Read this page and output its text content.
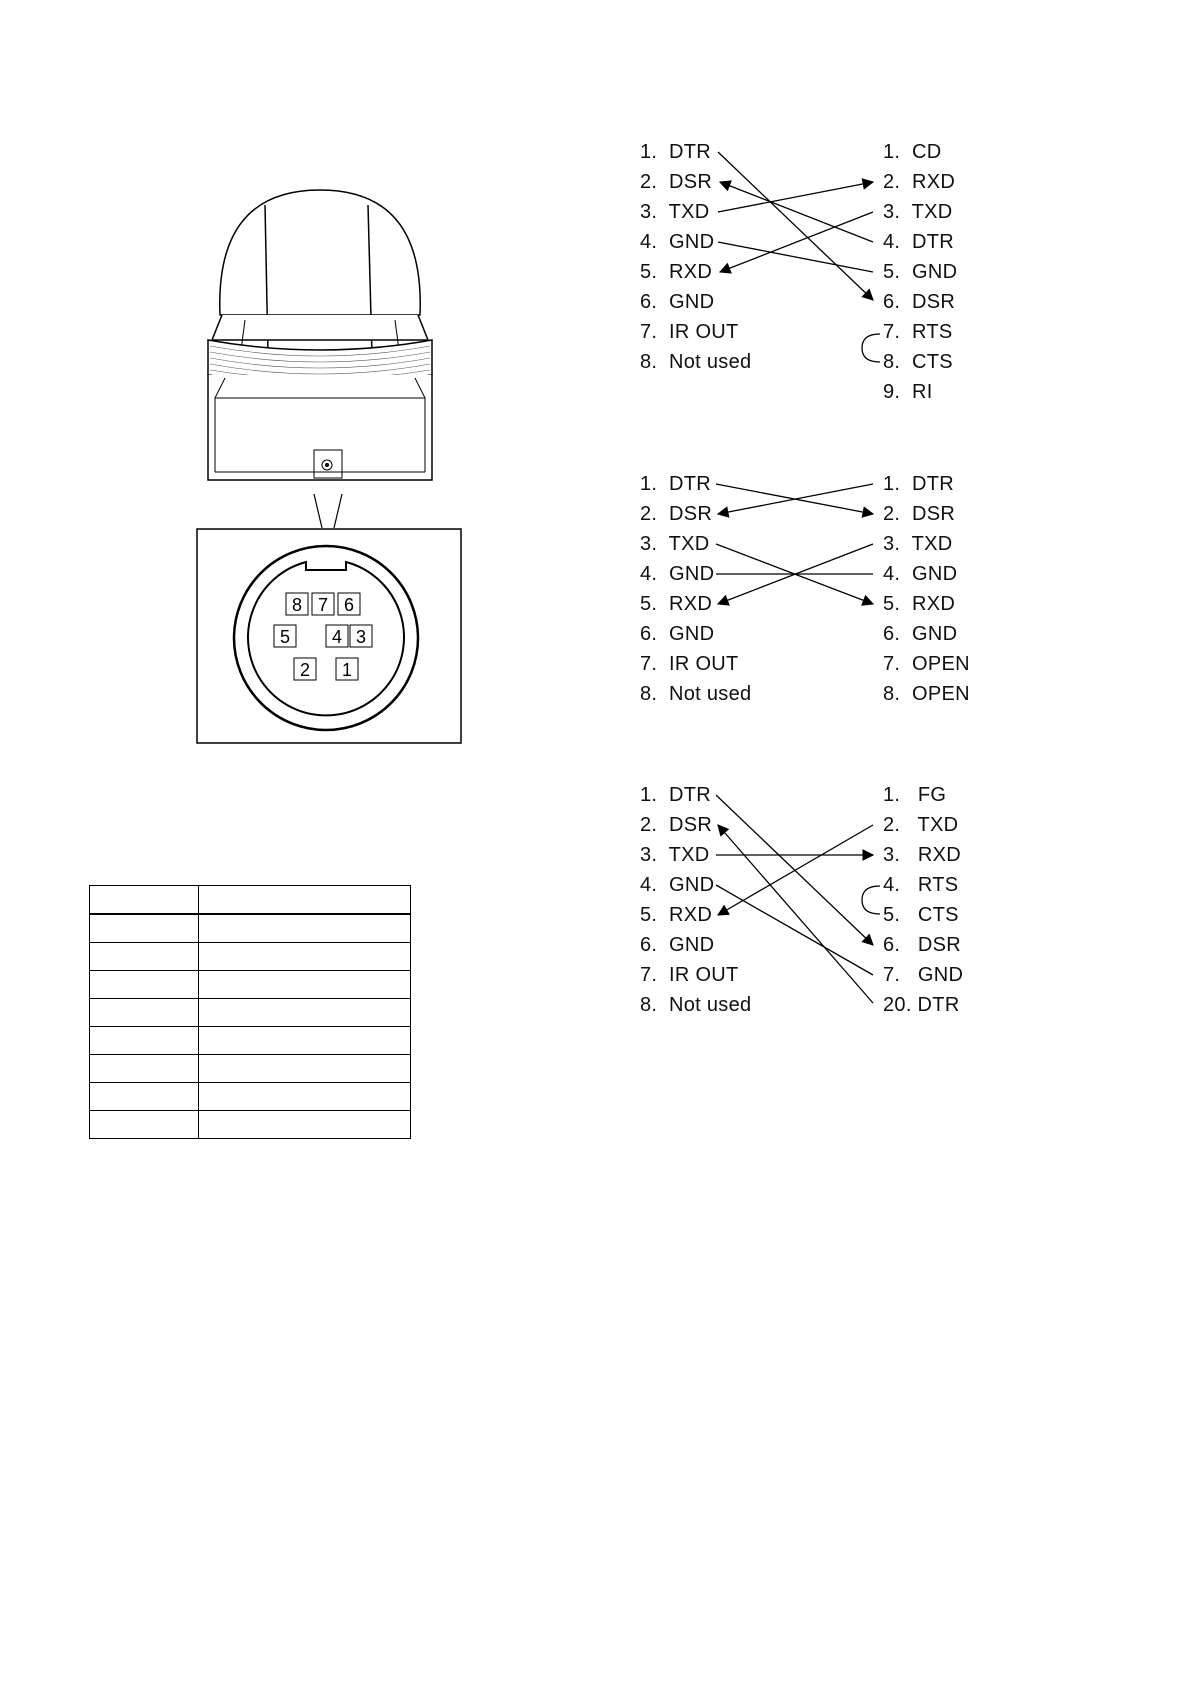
8 7 6
5 4 3
2 1

1.  DTR
2.  DSR
3.  TXD
4.  GND
5.  RXD
6.  GND
7.  IR OUT
8.  Not used
1.  CD
2.  RXD
3.  TXD
4.  DTR
5.  GND
6.  DSR
7.  RTS
8.  CTS
9.  RI
1.  DTR
2.  DSR
3.  TXD
4.  GND
5.  RXD
6.  GND
7.  IR OUT
8.  Not used
1.  DTR
2.  DSR
3.  TXD
4.  GND
5.  RXD
6.  GND
7.  OPEN
8.  OPEN
1.  DTR
2.  DSR
3.  TXD
4.  GND
5.  RXD
6.  GND
7.  IR OUT
8.  Not used
1.   FG
2.   TXD
3.   RXD
4.   RTS
5.   CTS
6.   DSR
7.   GND
20. DTR
